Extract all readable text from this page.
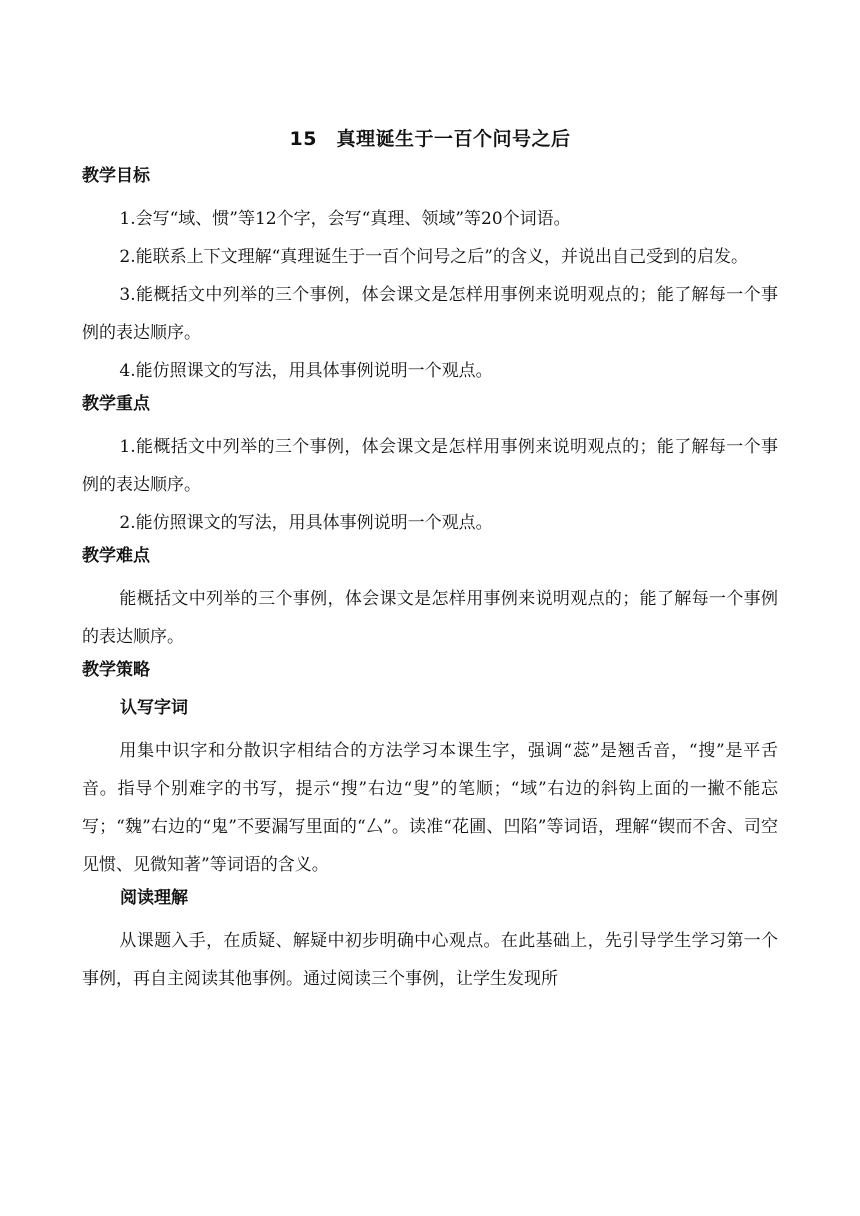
15　真理诞生于一百个问号之后
教学目标

1.会写“域、惯”等12个字，会写“真理、领域”等20个词语。

2.能联系上下文理解“真理诞生于一百个问号之后”的含义，并说出自己受到的启发。

3.能概括文中列举的三个事例，体会课文是怎样用事例来说明观点的；能了解每一个事例的表达顺序。

4.能仿照课文的写法，用具体事例说明一个观点。

教学重点

1.能概括文中列举的三个事例，体会课文是怎样用事例来说明观点的；能了解每一个事例的表达顺序。

2.能仿照课文的写法，用具体事例说明一个观点。

教学难点

能概括文中列举的三个事例，体会课文是怎样用事例来说明观点的；能了解每一个事例的表达顺序。

教学策略
认写字词

用集中识字和分散识字相结合的方法学习本课生字，强调“蕊”是翘舌音，“搜”是平舌音。指导个别难字的书写，提示“搜”右边“叟”的笔顺；“域”右边的斜钩上面的一撇不能忘写；“魏”右边的“鬼”不要漏写里面的“厶”。读准“花圃、凹陷”等词语，理解“锲而不舍、司空见惯、见微知著”等词语的含义。

阅读理解

从课题入手，在质疑、解疑中初步明确中心观点。在此基础上，先引导学生学习第一个事例，再自主阅读其他事例。通过阅读三个事例，让学生发现所
